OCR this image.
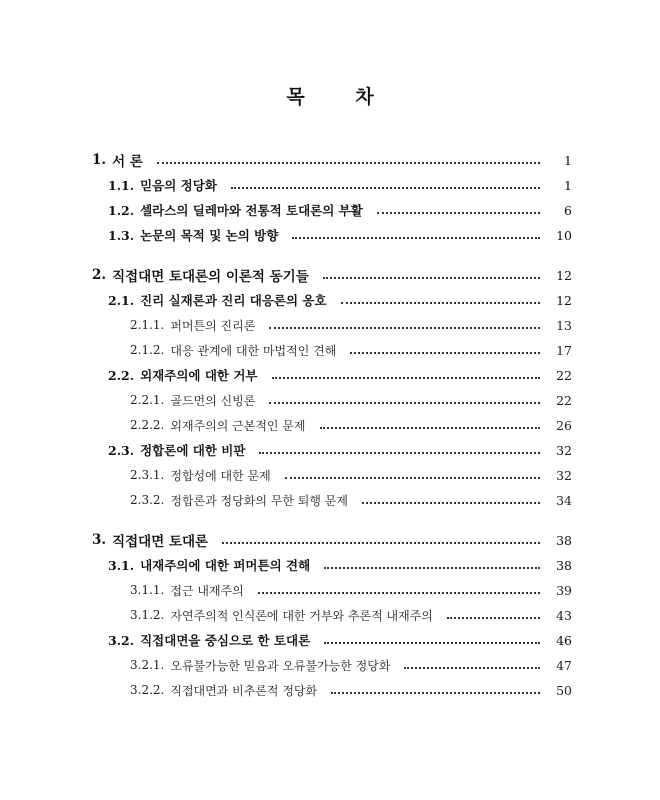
목 차
1. 서 론	1
1.1. 믿음의 정당화	1
1.2. 셀라스의 딜레마와 전통적 토대론의 부활	6
1.3. 논문의 목적 및 논의 방향	10
2. 직접대면 토대론의 이론적 동기들	12
2.1. 진리 실재론과 진리 대응론의 옹호	12
2.1.1. 퍼머튼의 진리론	13
2.1.2. 대응 관계에 대한 마법적인 견해	17
2.2. 외재주의에 대한 거부	22
2.2.1. 골드먼의 신빙론	22
2.2.2. 외재주의의 근본적인 문제	26
2.3. 정합론에 대한 비판	32
2.3.1. 정합성에 대한 문제	32
2.3.2. 정합론과 정당화의 무한 퇴행 문제	34
3. 직접대면 토대론	38
3.1. 내재주의에 대한 퍼머튼의 견해	38
3.1.1. 접근 내재주의	39
3.1.2. 자연주의적 인식론에 대한 거부와 추론적 내재주의	43
3.2. 직접대면을 중심으로 한 토대론	46
3.2.1. 오류불가능한 믿음과 오류불가능한 정당화	47
3.2.2. 직접대면과 비추론적 정당화	50
